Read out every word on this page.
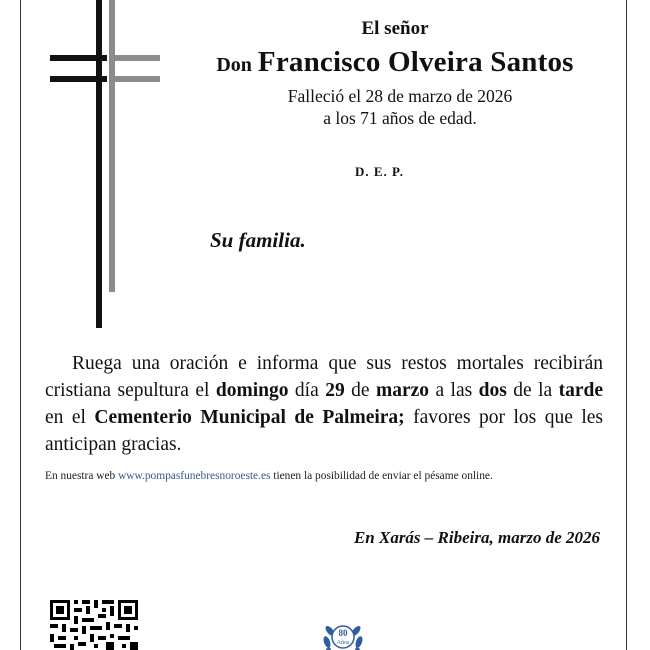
El señor
Don Francisco Olveira Santos
Falleció el 28 de marzo de 2026
a los 71 años de edad.
D. E. P.
Su familia.
Ruega una oración e informa que sus restos mortales recibirán cristiana sepultura el domingo día 29 de marzo a las dos de la tarde en el Cementerio Municipal de Palmeira; favores por los que les anticipan gracias.
En nuestra web www.pompasfunebresnoroeste.es tienen la posibilidad de enviar el pésame online.
En Xarás – Ribeira, marzo de 2026
80
Años
